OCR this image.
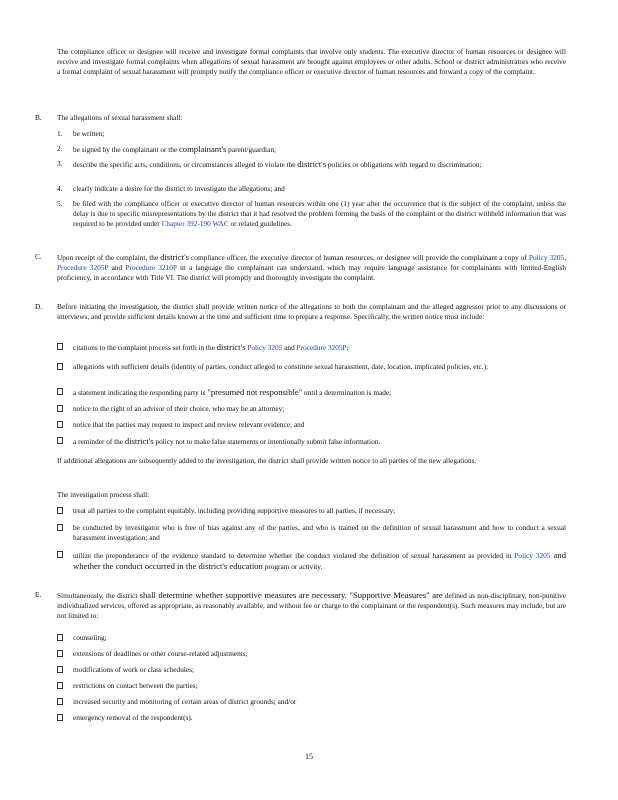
The compliance officer or designee will receive and investigate formal complaints that involve only students. The executive director of human resources or designee will receive and investigate formal complaints when allegations of sexual harassment are brought against employees or other adults. School or district administrators who receive a formal complaint of sexual harassment will promptly notify the compliance officer or executive director of human resources and forward a copy of the complaint.
B. The allegations of sexual harassment shall:
1. be written;
2. be signed by the complainant or the complainant's parent/guardian;
3. describe the specific acts, conditions, or circumstances alleged to violate the district's policies or obligations with regard to discrimination;
4. clearly indicate a desire for the district to investigate the allegations; and
5. be filed with the compliance officer or executive director of human resources within one (1) year after the occurrence that is the subject of the complaint, unless the delay is due to specific misrepresentations by the district that it had resolved the problem forming the basis of the complaint or the district withheld information that was required to be provided under Chapter 392-190 WAC or related guidelines.
C. Upon receipt of the complaint, the district's compliance officer, the executive director of human resources, or designee will provide the complainant a copy of Policy 3205, Procedure 3205P and Procedure 3210P in a language the complainant can understand, which may require language assistance for complainants with limited-English proficiency, in accordance with Title VI. The district will promptly and thoroughly investigate the complaint.
D. Before initiating the investigation, the district shall provide written notice of the allegations to both the complainant and the alleged aggressor prior to any discussions or interviews, and provide sufficient details known at the time and sufficient time to prepare a response. Specifically, the written notice must include:
citations to the complaint process set forth in the district's Policy 3205 and Procedure 3205P;
allegations with sufficient details (identity of parties, conduct alleged to constitute sexual harassment, date, location, implicated policies, etc.);
a statement indicating the responding party is "presumed not responsible" until a determination is made;
notice to the right of an advisor of their choice, who may be an attorney;
notice that the parties may request to inspect and review relevant evidence; and
a reminder of the district's policy not to make false statements or intentionally submit false information.
If additional allegations are subsequently added to the investigation, the district shall provide written notice to all parties of the new allegations.
The investigation process shall:
treat all parties to the complaint equitably, including providing supportive measures to all parties, if necessary;
be conducted by investigator who is free of bias against any of the parties, and who is trained on the definition of sexual harassment and how to conduct a sexual harassment investigation; and
utilize the preponderance of the evidence standard to determine whether the conduct violated the definition of sexual harassment as provided in Policy 3205 and whether the conduct occurred in the district's education program or activity.
E. Simultaneously, the district shall determine whether supportive measures are necessary. "Supportive Measures" are defined as non-disciplinary, non-punitive individualized services, offered as appropriate, as reasonably available, and without fee or charge to the complainant or the respondent(s). Such measures may include, but are not limited to:
counseling;
extensions of deadlines or other course-related adjustments;
modifications of work or class schedules;
restrictions on contact between the parties;
increased security and monitoring of certain areas of district grounds; and/or
emergency removal of the respondent(s).
15
